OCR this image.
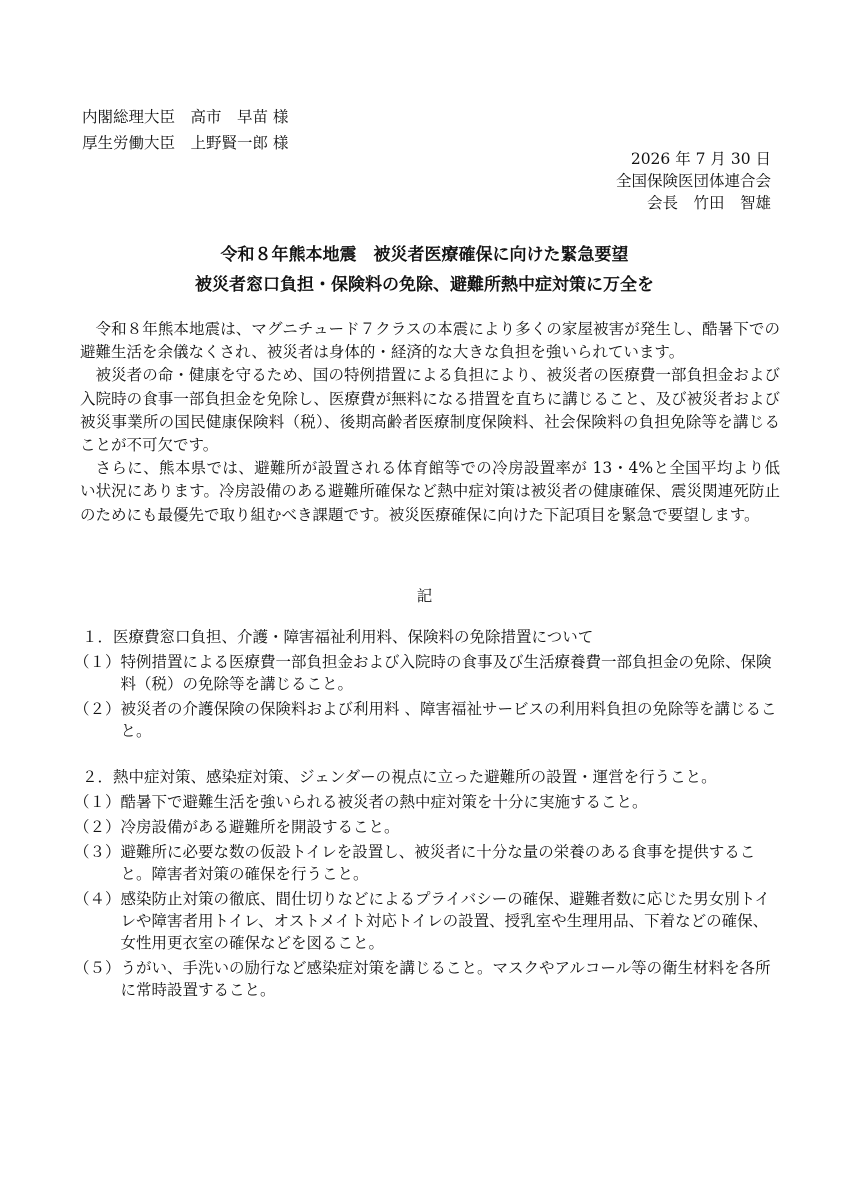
内閣総理大臣　高市　早苗 様
厚生労働大臣　上野賢一郎 様
2026 年 7 月 30 日
全国保険医団体連合会
会長　竹田　智雄
令和８年熊本地震　被災者医療確保に向けた緊急要望
被災者窓口負担・保険料の免除、避難所熱中症対策に万全を

令和８年熊本地震は、マグニチュード７クラスの本震により多くの家屋被害が発生し、酷暑下での避難生活を余儀なくされ、被災者は身体的・経済的な大きな負担を強いられています。

被災者の命・健康を守るため、国の特例措置による負担により、被災者の医療費一部負担金および入院時の食事一部負担金を免除し、医療費が無料になる措置を直ちに講じること、及び被災者および被災事業所の国民健康保険料（税）、後期高齢者医療制度保険料、社会保険料の負担免除等を講じることが不可欠です。

さらに、熊本県では、避難所が設置される体育館等での冷房設置率が 13・4%と全国平均より低い状況にあります。冷房設備のある避難所確保など熱中症対策は被災者の健康確保、震災関連死防止のためにも最優先で取り組むべき課題です。被災医療確保に向けた下記項目を緊急で要望します。

記
１．医療費窓口負担、介護・障害福祉利用料、保険料の免除措置について
（１） 特例措置による医療費一部負担金および入院時の食事及び生活療養費一部負担金の免除、保険料（税）の免除等を講じること。
（２） 被災者の介護保険の保険料および利用料 、障害福祉サービスの利用料負担の免除等を講じること。
２．熱中症対策、感染症対策、ジェンダーの視点に立った避難所の設置・運営を行うこと。
（１） 酷暑下で避難生活を強いられる被災者の熱中症対策を十分に実施すること。
（２） 冷房設備がある避難所を開設すること。
（３） 避難所に必要な数の仮設トイレを設置し、被災者に十分な量の栄養のある食事を提供すること。障害者対策の確保を行うこと。
（４） 感染防止対策の徹底、間仕切りなどによるプライバシーの確保、避難者数に応じた男女別トイレや障害者用トイレ、オストメイト対応トイレの設置、授乳室や生理用品、下着などの確保、女性用更衣室の確保などを図ること。
（５） うがい、手洗いの励行など感染症対策を講じること。マスクやアルコール等の衛生材料を各所に常時設置すること。
